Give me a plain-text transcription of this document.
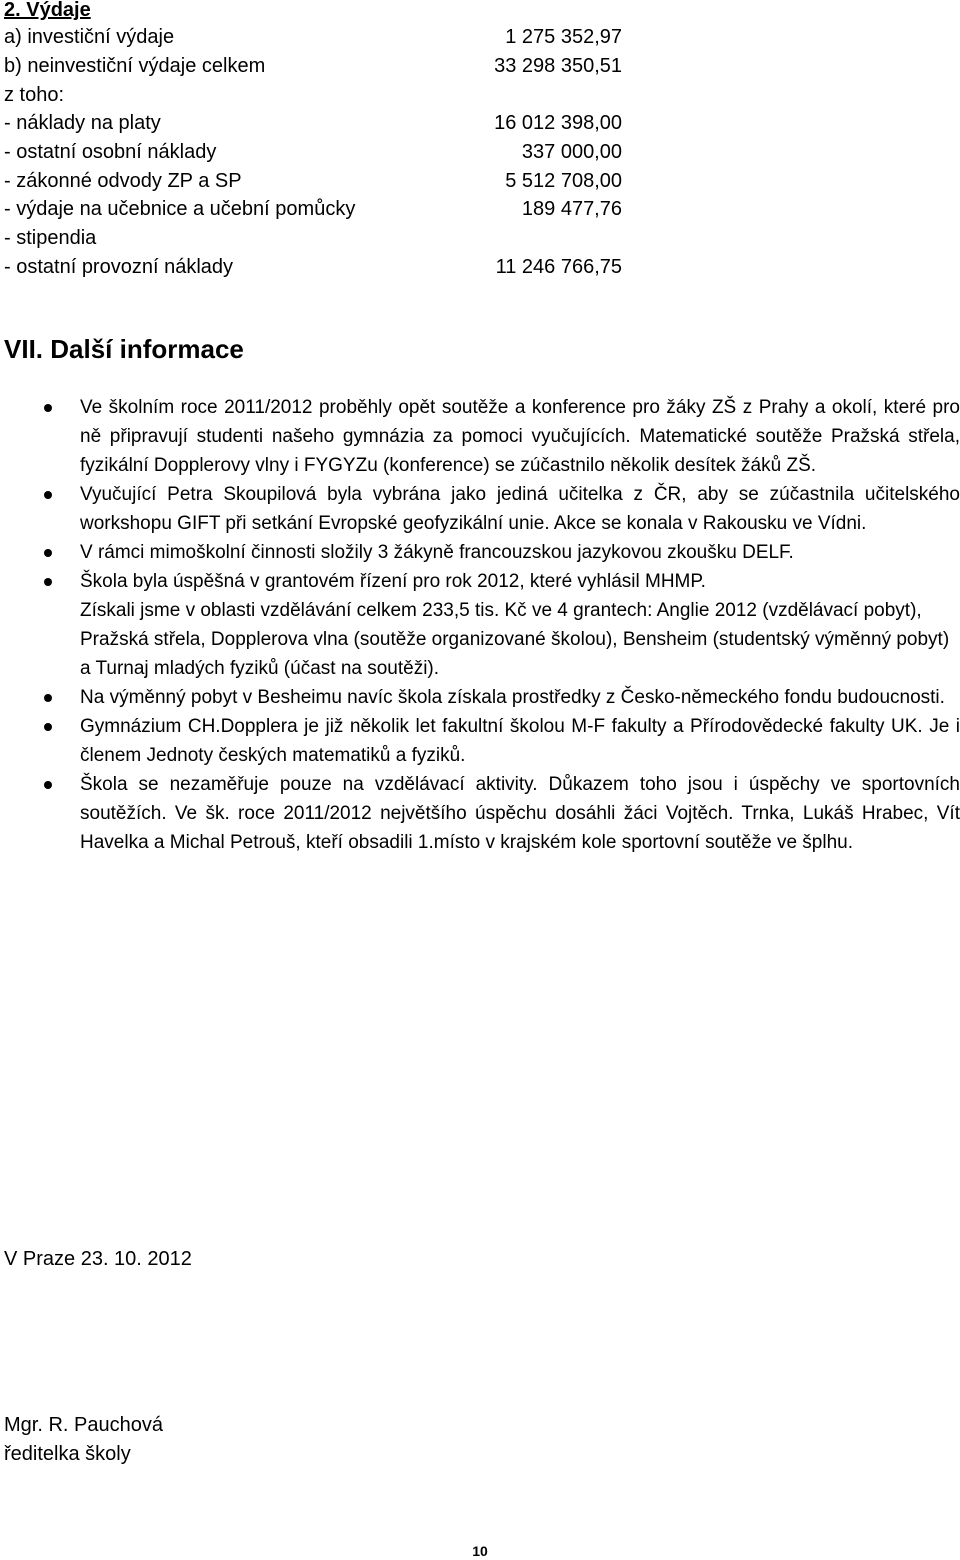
2. Výdaje
a) investiční výdaje	1 275 352,97
b) neinvestiční výdaje celkem	33 298 350,51
z toho:
- náklady na platy	16 012 398,00
- ostatní osobní náklady	337 000,00
- zákonné odvody ZP a SP	5 512 708,00
- výdaje na učebnice a učební pomůcky	189 477,76
- stipendia
- ostatní provozní náklady	11 246 766,75
VII. Další informace

Ve školním roce 2011/2012 proběhly opět soutěže a konference pro žáky ZŠ z Prahy a okolí, které pro ně připravují studenti našeho gymnázia za pomoci vyučujících. Matematické soutěže Pražská střela, fyzikální Dopplerovy vlny i FYGYZu (konference) se zúčastnilo několik desítek žáků ZŠ.

Vyučující Petra Skoupilová byla vybrána jako jediná učitelka z ČR, aby se zúčastnila učitelského workshopu GIFT při setkání Evropské geofyzikální unie. Akce se konala v Rakousku ve Vídni.

V rámci mimoškolní činnosti složily 3 žákyně francouzskou jazykovou zkoušku DELF.

Škola byla úspěšná v grantovém řízení pro rok 2012, které vyhlásil MHMP.

Získali jsme v oblasti vzdělávání celkem 233,5 tis. Kč ve 4 grantech: Anglie 2012 (vzdělávací pobyt), Pražská střela, Dopplerova vlna (soutěže organizované školou), Bensheim (studentský výměnný pobyt) a Turnaj mladých fyziků (účast na soutěži).

Na výměnný pobyt v Besheimu navíc škola získala prostředky z Česko-německého fondu budoucnosti.

Gymnázium CH.Dopplera je již několik let fakultní školou M-F fakulty a Přírodovědecké fakulty UK. Je i členem Jednoty českých matematiků a fyziků.

Škola se nezaměřuje pouze na vzdělávací aktivity. Důkazem toho jsou i úspěchy ve sportovních soutěžích. Ve šk. roce 2011/2012 největšího úspěchu dosáhli žáci Vojtěch. Trnka, Lukáš Hrabec, Vít Havelka a Michal Petrouš, kteří obsadili 1.místo v krajském kole sportovní soutěže ve šplhu.

V Praze 23. 10. 2012

Mgr. R. Pauchová

ředitelka školy

10
